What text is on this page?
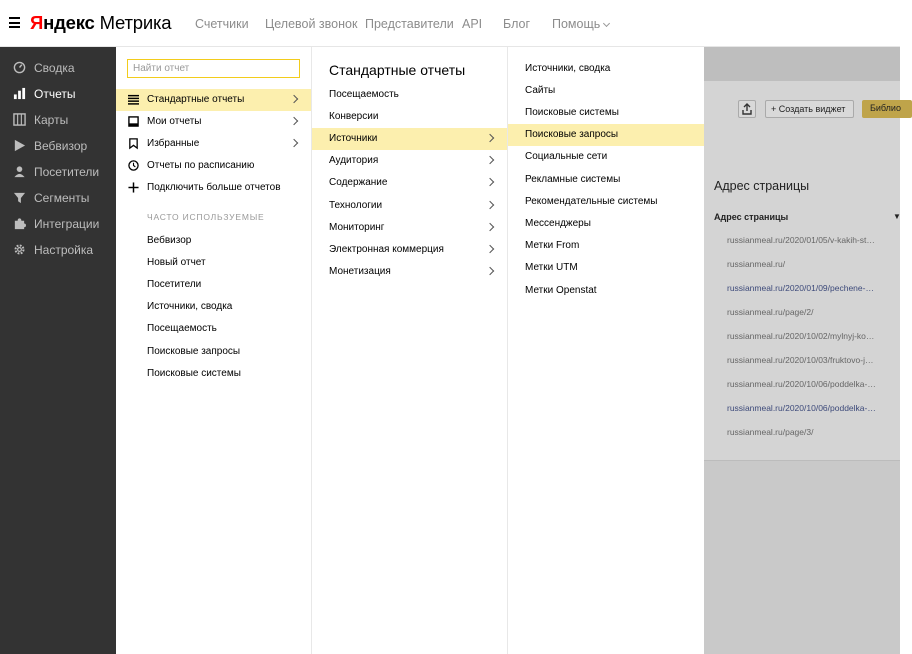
Яндекс Метрика Счетчики Целевой звонок Представители API Блог Помощь
Сводка
Отчеты
Карты
Вебвизор
Посетители
Сегменты
Интеграции
Настройка
Найти отчет
Стандартные отчеты
Мои отчеты
Избранные
Отчеты по расписанию
Подключить больше отчетов
ЧАСТО ИСПОЛЬЗУЕМЫЕ
Вебвизор
Новый отчет
Посетители
Источники, сводка
Посещаемость
Поисковые запросы
Поисковые системы
Стандартные отчеты
Посещаемость
Конверсии
Источники
Аудитория
Содержание
Технологии
Мониторинг
Электронная коммерция
Монетизация
Источники, сводка
Сайты
Поисковые системы
Поисковые запросы
Социальные сети
Рекламные системы
Рекомендательные системы
Мессенджеры
Метки From
Метки UTM
Метки Openstat
+ Создать виджет	Библио
Адрес страницы
Адрес страницы	▼
russianmeal.ru/2020/01/05/v-kakih-st…
russianmeal.ru/
russianmeal.ru/2020/01/09/pechene-…
russianmeal.ru/page/2/
russianmeal.ru/2020/10/02/mylnyj-ko…
russianmeal.ru/2020/10/03/fruktovo-j…
russianmeal.ru/2020/10/06/poddelka-…
russianmeal.ru/2020/10/06/poddelka-…
russianmeal.ru/page/3/
